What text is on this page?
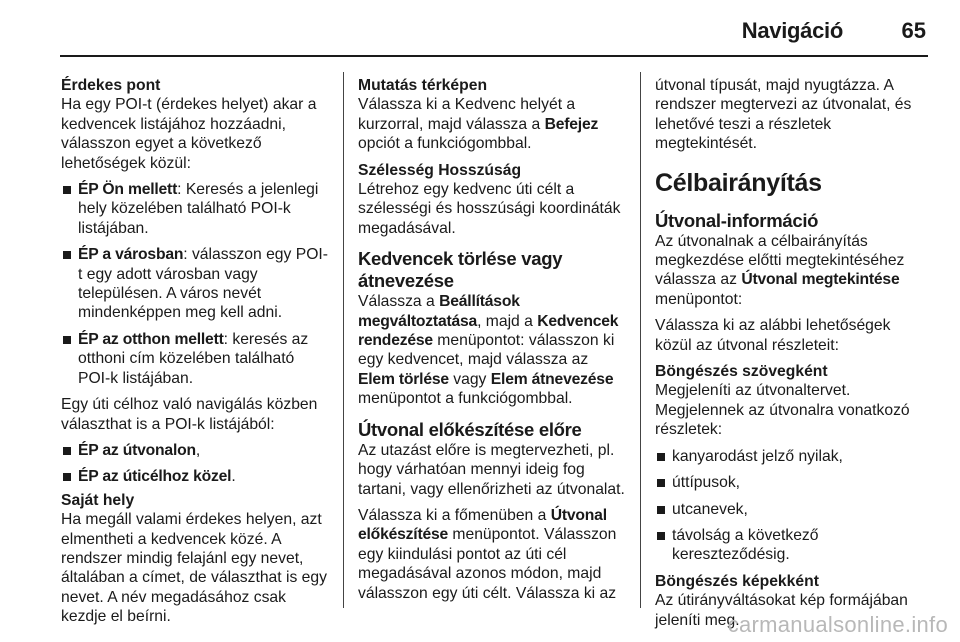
Navigáció	65
Érdekes pont

Ha egy POI-t (érdekes helyet) akar a kedvencek listájához hozzáadni, válasszon egyet a következő lehetőségek közül:

ÉP Ön mellett: Keresés a jelenlegi hely közelében található POI-k listájában.
ÉP a városban: válasszon egy POI-t egy adott városban vagy településen. A város nevét mindenképpen meg kell adni.
ÉP az otthon mellett: keresés az otthoni cím közelében található POI-k listájában.

Egy úti célhoz való navigálás közben választhat is a POI-k listájából:

ÉP az útvonalon,
ÉP az úticélhoz közel.
Saját hely

Ha megáll valami érdekes helyen, azt elmentheti a kedvencek közé. A rendszer mindig felajánl egy nevet, általában a címet, de választhat is egy nevet. A név megadásához csak kezdje el beírni.

Mutatás térképen

Válassza ki a Kedvenc helyét a kurzorral, majd válassza a Befejez opciót a funkciógombbal.

Szélesség Hosszúság

Létrehoz egy kedvenc úti célt a szélességi és hosszúsági koordináták megadásával.

Kedvencek törlése vagy átnevezése

Válassza a Beállítások megváltoztatása, majd a Kedvencek rendezése menüpontot: válasszon ki egy kedvencet, majd válassza az Elem törlése vagy Elem átnevezése menüpontot a funkciógombbal.

Útvonal előkészítése előre

Az utazást előre is megtervezheti, pl. hogy várhatóan mennyi ideig fog tartani, vagy ellenőrizheti az útvonalat.

Válassza ki a főmenüben a Útvonal előkészítése menüpontot. Válasszon egy kiindulási pontot az úti cél megadásával azonos módon, majd válasszon egy úti célt. Válassza ki az

útvonal típusát, majd nyugtázza. A rendszer megtervezi az útvonalat, és lehetővé teszi a részletek megtekintését.

Célbairányítás
Útvonal-információ

Az útvonalnak a célbairányítás megkezdése előtti megtekintéséhez válassza az Útvonal megtekintése menüpontot:

Válassza ki az alábbi lehetőségek közül az útvonal részleteit:

Böngészés szövegként
Megjeleníti az útvonaltervet.

Megjelennek az útvonalra vonatkozó részletek:

kanyarodást jelző nyilak,
úttípusok,
utcanevek,
távolság a következő kereszteződésig.
Böngészés képekként

Az útirányváltásokat kép formájában jeleníti meg.

carmanualsonline.info
